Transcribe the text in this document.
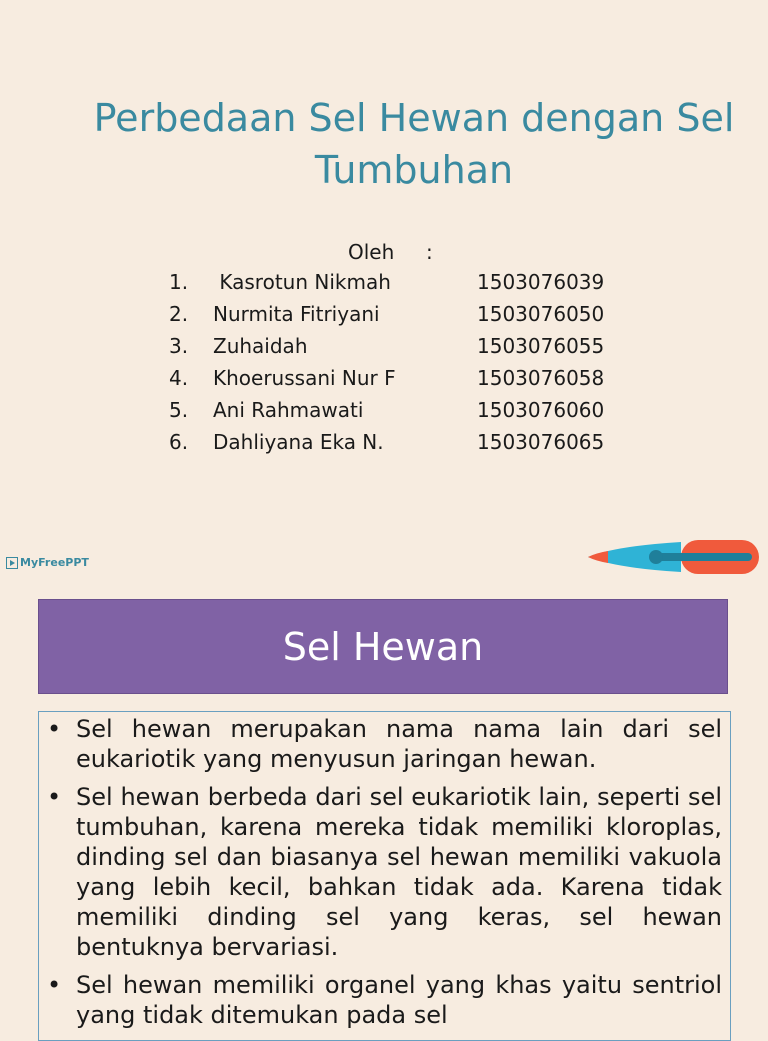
Perbedaan Sel Hewan dengan Sel Tumbuhan
Oleh :
1. Kasrotun Nikmah	1503076039
2. Nurmita Fitriyani	1503076050
3. Zuhaidah	1503076055
4. Khoerussani Nur F	1503076058
5. Ani Rahmawati	1503076060
6. Dahliyana Eka N.	1503076065
MyFreePPT
Sel Hewan
• Sel hewan merupakan nama nama lain dari sel eukariotik yang menyusun jaringan hewan.
• Sel hewan berbeda dari sel eukariotik lain, seperti sel tumbuhan, karena mereka tidak memiliki kloroplas, dinding sel dan biasanya sel hewan memiliki vakuola yang lebih kecil, bahkan tidak ada. Karena tidak memiliki dinding sel yang keras, sel hewan bentuknya bervariasi.
• Sel hewan memiliki organel yang khas yaitu sentriol yang tidak ditemukan pada sel
